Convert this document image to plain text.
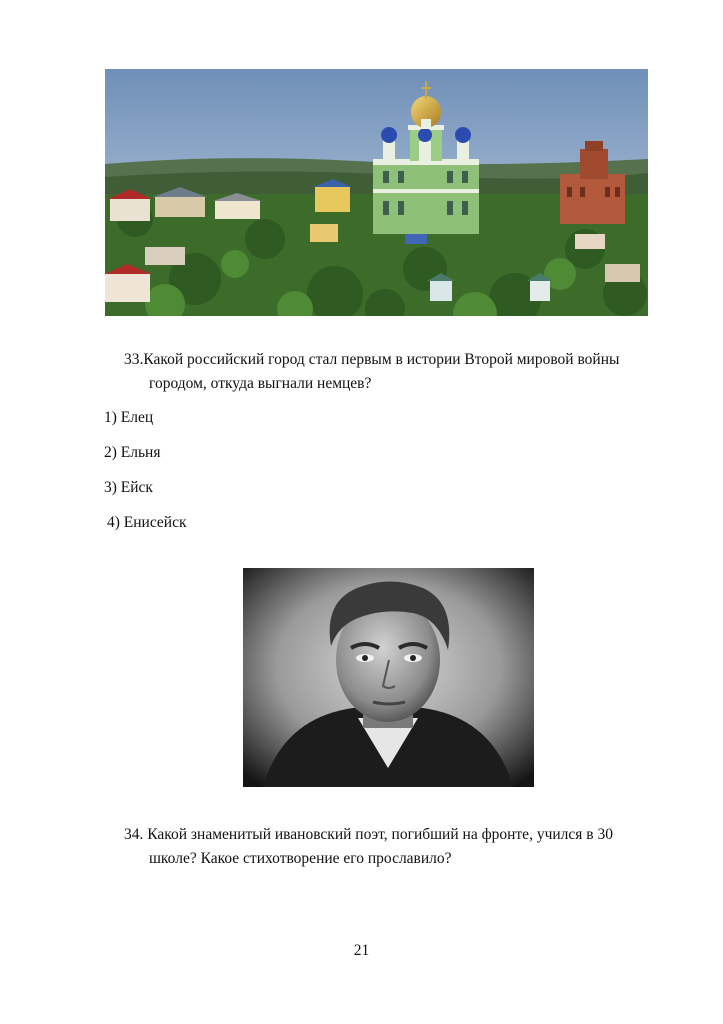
33.Какой российский город стал первым в истории Второй мировой войны
городом, откуда выгнали немцев?
1) Елец
2) Ельня
3) Ейск
4) Енисейск
34. Какой знаменитый ивановский поэт, погибший на фронте, учился в 30
школе? Какое стихотворение его прославило?
21
